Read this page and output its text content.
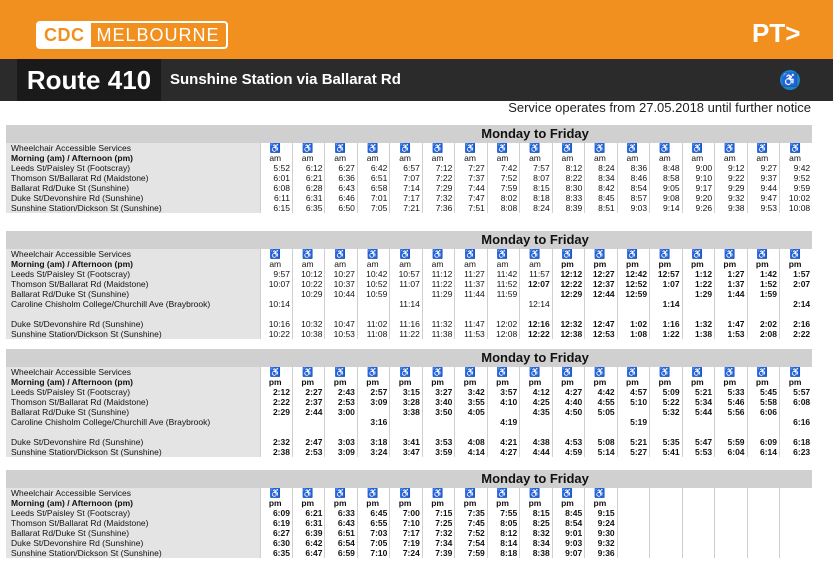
CDC MELBOURNE	PT>
Route 410	Sunshine Station via Ballarat Rd	♿
Service operates from 27.05.2018 until further notice
	Monday to Friday																
Wheelchair Accessible Services	♿	♿	♿	♿	♿	♿	♿	♿	♿	♿	♿	♿	♿	♿	♿	♿	♿
Morning (am) / Afternoon (pm)	am	am	am	am	am	am	am	am	am	am	am	am	am	am	am	am	am
Leeds St/Paisley St (Footscray)	5:52	6:12	6:27	6:42	6:57	7:12	7:27	7:42	7:57	8:12	8:24	8:36	8:48	9:00	9:12	9:27	9:42
Thomson St/Ballarat Rd (Maidstone)	6:01	6:21	6:36	6:51	7:07	7:22	7:37	7:52	8:07	8:22	8:34	8:46	8:58	9:10	9:22	9:37	9:52
Ballarat Rd/Duke St (Sunshine)	6:08	6:28	6:43	6:58	7:14	7:29	7:44	7:59	8:15	8:30	8:42	8:54	9:05	9:17	9:29	9:44	9:59
Duke St/Devonshire Rd (Sunshine)	6:11	6:31	6:46	7:01	7:17	7:32	7:47	8:02	8:18	8:33	8:45	8:57	9:08	9:20	9:32	9:47	10:02
Sunshine Station/Dickson St (Sunshine)	6:15	6:35	6:50	7:05	7:21	7:36	7:51	8:08	8:24	8:39	8:51	9:03	9:14	9:26	9:38	9:53	10:08
	Monday to Friday																
Wheelchair Accessible Services	♿	♿	♿	♿	♿	♿	♿	♿	♿	♿	♿	♿	♿	♿	♿	♿	♿
Morning (am) / Afternoon (pm)	am	am	am	am	am	am	am	am	am	pm	pm	pm	pm	pm	pm	pm	pm
Leeds St/Paisley St (Footscray)	9:57	10:12	10:27	10:42	10:57	11:12	11:27	11:42	11:57	12:12	12:27	12:42	12:57	1:12	1:27	1:42	1:57
Thomson St/Ballarat Rd (Maidstone)	10:07	10:22	10:37	10:52	11:07	11:22	11:37	11:52	12:07	12:22	12:37	12:52	1:07	1:22	1:37	1:52	2:07
Ballarat Rd/Duke St (Sunshine)		10:29	10:44	10:59		11:29	11:44	11:59		12:29	12:44	12:59		1:29	1:44	1:59	
Caroline Chisholm College/Churchill Ave (Braybrook)	10:14				11:14				12:14				1:14				2:14
Duke St/Devonshire Rd (Sunshine)	10:16	10:32	10:47	11:02	11:16	11:32	11:47	12:02	12:16	12:32	12:47	1:02	1:16	1:32	1:47	2:02	2:16
Sunshine Station/Dickson St (Sunshine)	10:22	10:38	10:53	11:08	11:22	11:38	11:53	12:08	12:22	12:38	12:53	1:08	1:22	1:38	1:53	2:08	2:22
	Monday to Friday																
Wheelchair Accessible Services	♿	♿	♿	♿	♿	♿	♿	♿	♿	♿	♿	♿	♿	♿	♿	♿	♿
Morning (am) / Afternoon (pm)	pm	pm	pm	pm	pm	pm	pm	pm	pm	pm	pm	pm	pm	pm	pm	pm	pm
Leeds St/Paisley St (Footscray)	2:12	2:27	2:43	2:57	3:15	3:27	3:42	3:57	4:12	4:27	4:42	4:57	5:09	5:21	5:33	5:45	5:57
Thomson St/Ballarat Rd (Maidstone)	2:22	2:37	2:53	3:09	3:28	3:40	3:55	4:10	4:25	4:40	4:55	5:10	5:22	5:34	5:46	5:58	6:08
Ballarat Rd/Duke St (Sunshine)	2:29	2:44	3:00		3:38	3:50	4:05		4:35	4:50	5:05		5:32	5:44	5:56	6:06	
Caroline Chisholm College/Churchill Ave (Braybrook)				3:16				4:19				5:19					6:16
Duke St/Devonshire Rd (Sunshine)	2:32	2:47	3:03	3:18	3:41	3:53	4:08	4:21	4:38	4:53	5:08	5:21	5:35	5:47	5:59	6:09	6:18
Sunshine Station/Dickson St (Sunshine)	2:38	2:53	3:09	3:24	3:47	3:59	4:14	4:27	4:44	4:59	5:14	5:27	5:41	5:53	6:04	6:14	6:23
	Monday to Friday																
Wheelchair Accessible Services	♿	♿	♿	♿	♿	♿	♿	♿	♿	♿	♿						
Morning (am) / Afternoon (pm)	pm	pm	pm	pm	pm	pm	pm	pm	pm	pm	pm						
Leeds St/Paisley St (Footscray)	6:09	6:21	6:33	6:45	7:00	7:15	7:35	7:55	8:15	8:45	9:15						
Thomson St/Ballarat Rd (Maidstone)	6:19	6:31	6:43	6:55	7:10	7:25	7:45	8:05	8:25	8:54	9:24						
Ballarat Rd/Duke St (Sunshine)	6:27	6:39	6:51	7:03	7:17	7:32	7:52	8:12	8:32	9:01	9:30						
Duke St/Devonshire Rd (Sunshine)	6:30	6:42	6:54	7:05	7:19	7:34	7:54	8:14	8:34	9:03	9:32						
Sunshine Station/Dickson St (Sunshine)	6:35	6:47	6:59	7:10	7:24	7:39	7:59	8:18	8:38	9:07	9:36						
